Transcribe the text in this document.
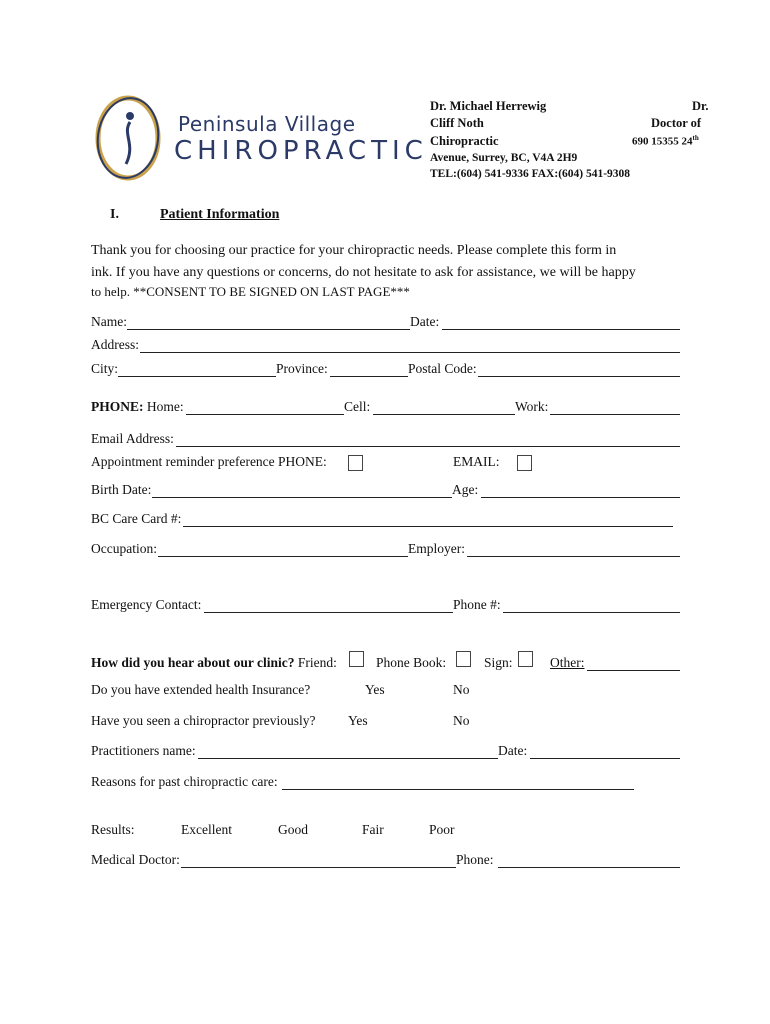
Peninsula Village
CHIROPRACTIC
Dr. Michael Herrewig	Dr.
Cliff Noth	Doctor of
Chiropractic	690 15355 24th
Avenue, Surrey, BC, V4A 2H9
TEL:(604) 541-9336 FAX:(604) 541-9308
I.	Patient Information
Thank you for choosing our practice for your chiropractic needs. Please complete this form in
ink. If you have any questions or concerns, do not hesitate to ask for assistance, we will be happy
to help. **CONSENT TO BE SIGNED ON LAST PAGE***
Name:	Date:
Address:
City:	Province:	Postal Code:
PHONE: Home:	Cell:	Work:
Email Address:
Appointment reminder preference PHONE:	EMAIL:
Birth Date:	Age:
BC Care Card #:
Occupation:	Employer:
Emergency Contact:	Phone #:
How did you hear about our clinic? Friend:	Phone Book:	Sign:	Other:
Do you have extended health Insurance?	Yes	No
Have you seen a chiropractor previously? Yes	No
Practitioners name:	Date:
Reasons for past chiropractic care:
Results:	Excellent	Good	Fair	Poor
Medical Doctor:	Phone:
